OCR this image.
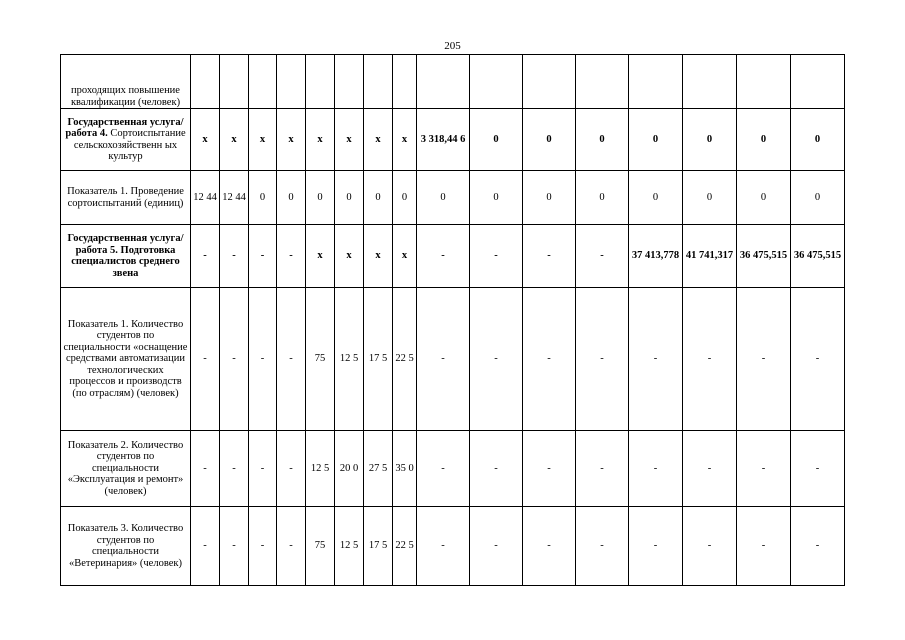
205
проходящих повышение квалификации (человек)																
Государственная услуга/работа 4. Сортоиспытание сельскохозяйственн ых культур	x	x	x	x	x	x	x	x	3 318,44 6	0	0	0	0	0	0	0
Показатель 1. Проведение сортоиспытаний (единиц)	12 44	12 44	0	0	0	0	0	0	0	0	0	0	0	0	0	0
Государственная услуга/работа 5. Подготовка специалистов среднего звена	-	-	-	-	x	x	x	x	-	-	-	-	37 413,778	41 741,317	36 475,515	36 475,515
Показатель 1. Количество студентов по специальности «оснащение средствами автоматизации технологических процессов и производств (по отраслям) (человек)	-	-	-	-	75	12 5	17 5	22 5	-	-	-	-	-	-	-	-
Показатель 2. Количество студентов по специальности «Эксплуатация и ремонт» (человек)	-	-	-	-	12 5	20 0	27 5	35 0	-	-	-	-	-	-	-	-
Показатель 3. Количество студентов по специальности «Ветеринария» (человек)	-	-	-	-	75	12 5	17 5	22 5	-	-	-	-	-	-	-	-
